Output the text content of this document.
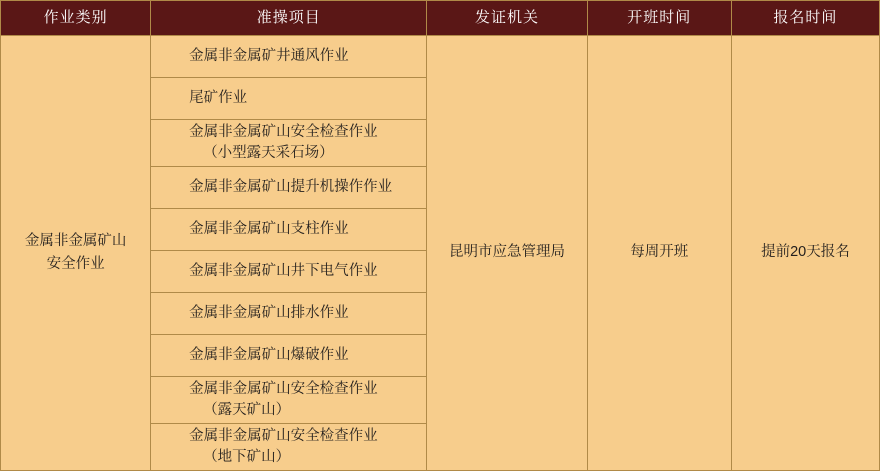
作业类别	准操项目	发证机关	开班时间	报名时间

金属非金属矿山
安全作业

金属非金属矿井通风作业

尾矿作业

金属非金属矿山安全检查作业
（小型露天采石场）

金属非金属矿山提升机操作作业

金属非金属矿山支柱作业

金属非金属矿山井下电气作业

金属非金属矿山排水作业

金属非金属矿山爆破作业

金属非金属矿山安全检查作业
（露天矿山）

金属非金属矿山安全检查作业
（地下矿山）
	昆明市应急管理局	每周开班	提前20天报名
